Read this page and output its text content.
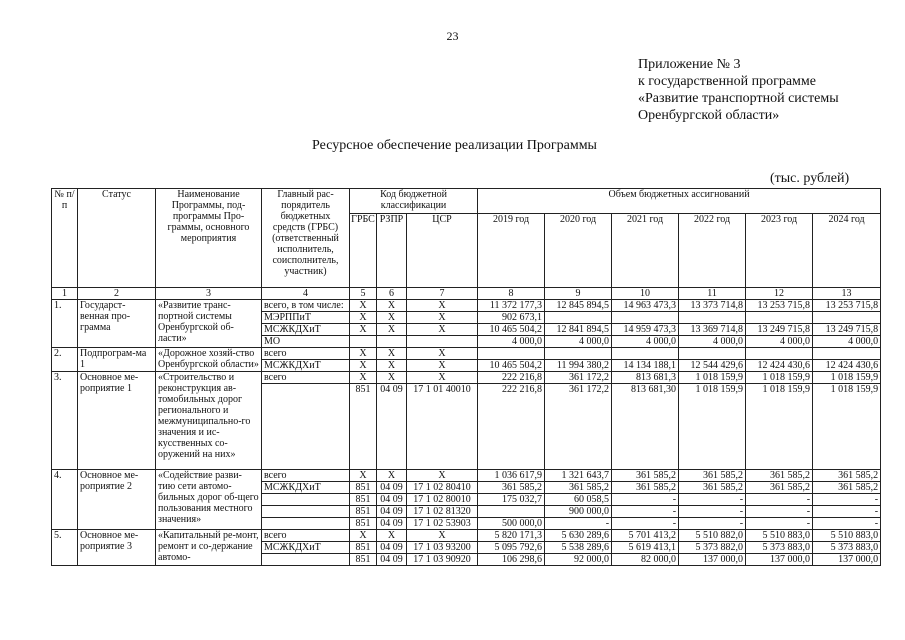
23
Приложение № 3
к государственной программе
«Развитие транспортной системы
Оренбургской области»
Ресурсное обеспечение реализации Программы
(тыс. рублей)
№ п/п	Статус	Наименование Программы, под-программы Про-граммы, основного мероприятия	Главный рас-порядитель бюджетных средств (ГРБС) (ответственный исполнитель, соисполнитель, участник)	Код бюджетной классификации			Объем бюджетных ассигнований					
				ГРБС	РЗПР	ЦСР	2019 год	2020 год	2021 год	2022 год	2023 год	2024 год
1	2	3	4	5	6	7	8	9	10	11	12	13
1.	Государст-венная про-грамма	«Развитие транс-портной системы Оренбургской об-ласти»	всего, в том числе:	Х	Х	Х	11 372 177,3	12 845 894,5	14 963 473,3	13 373 714,8	13 253 715,8	13 253 715,8
			МЭРППиТ	Х	Х	Х	902 673,1					
			МСЖКДХиТ	Х	Х	Х	10 465 504,2	12 841 894,5	14 959 473,3	13 369 714,8	13 249 715,8	13 249 715,8
			МО				4 000,0	4 000,0	4 000,0	4 000,0	4 000,0	4 000,0
2.	Подпрограм-ма 1	«Дорожное хозяй-ство Оренбургской области»	всего	Х	Х	Х						
			МСЖКДХиТ	Х	Х	Х	10 465 504,2	11 994 380,2	14 134 188,1	12 544 429,6	12 424 430,6	12 424 430,6
3.	Основное ме-роприятие 1	«Строительство и реконструкция ав-томобильных дорог регионального и межмуниципально-го значения и ис-кусственных со-оружений на них»	всего	Х	Х	Х	222 216,8	361 172,2	813 681,3	1 018 159,9	1 018 159,9	1 018 159,9
				851	04 09	17 1 01 40010	222 216,8	361 172,2	813 681,30	1 018 159,9	1 018 159,9	1 018 159,9
4.	Основное ме-роприятие 2	«Содействие разви-тию сети автомо-бильных дорог об-щего пользования местного значения»	всего	Х	Х	Х	1 036 617,9	1 321 643,7	361 585,2	361 585,2	361 585,2	361 585,2
			МСЖКДХиТ	851	04 09	17 1 02 80410	361 585,2	361 585,2	361 585,2	361 585,2	361 585,2	361 585,2
				851	04 09	17 1 02 80010	175 032,7	60 058,5	-	-	-	-
				851	04 09	17 1 02 81320		900 000,0	-	-	-	-
				851	04 09	17 1 02 53903	500 000,0	-	-	-	-	-
5.	Основное ме-роприятие 3	«Капитальный ре-монт, ремонт и со-держание автомо-	всего	Х	Х	Х	5 820 171,3	5 630 289,6	5 701 413,2	5 510 882,0	5 510 883,0	5 510 883,0
			МСЖКДХиТ	851	04 09	17 1 03 93200	5 095 792,6	5 538 289,6	5 619 413,1	5 373 882,0	5 373 883,0	5 373 883,0
				851	04 09	17 1 03 90920	106 298,6	92 000,0	82 000,0	137 000,0	137 000,0	137 000,0
